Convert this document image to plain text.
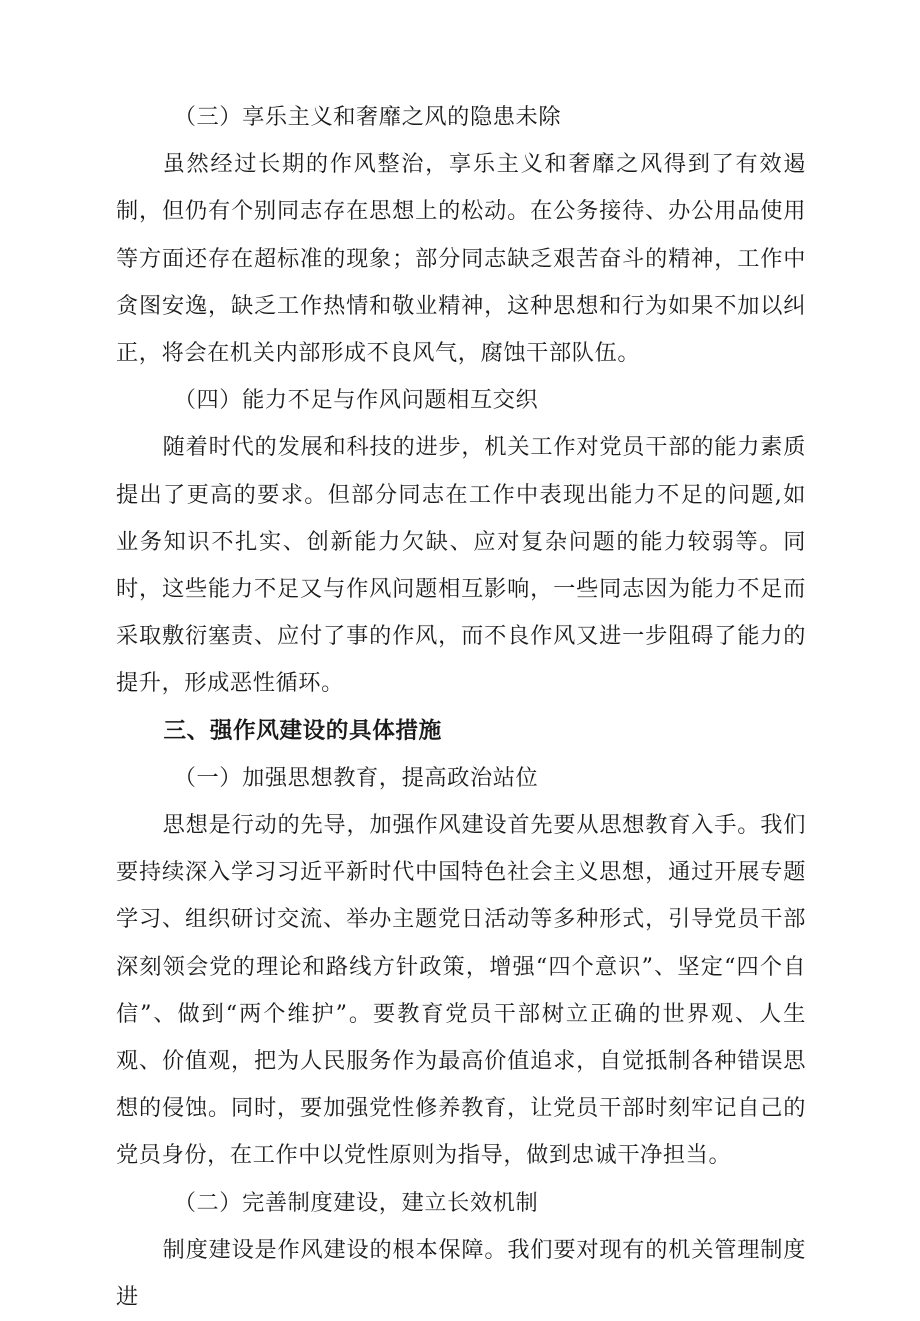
（三）享乐主义和奢靡之风的隐患未除

虽然经过长期的作风整治，享乐主义和奢靡之风得到了有效遏制，但仍有个别同志存在思想上的松动。在公务接待、办公用品使用等方面还存在超标准的现象；部分同志缺乏艰苦奋斗的精神，工作中贪图安逸，缺乏工作热情和敬业精神，这种思想和行为如果不加以纠正，将会在机关内部形成不良风气，腐蚀干部队伍。

（四）能力不足与作风问题相互交织

随着时代的发展和科技的进步，机关工作对党员干部的能力素质提出了更高的要求。但部分同志在工作中表现出能力不足的问题,如业务知识不扎实、创新能力欠缺、应对复杂问题的能力较弱等。同时，这些能力不足又与作风问题相互影响，一些同志因为能力不足而采取敷衍塞责、应付了事的作风，而不良作风又进一步阻碍了能力的提升，形成恶性循环。

三、强作风建设的具体措施

（一）加强思想教育，提高政治站位

思想是行动的先导，加强作风建设首先要从思想教育入手。我们要持续深入学习习近平新时代中国特色社会主义思想，通过开展专题学习、组织研讨交流、举办主题党日活动等多种形式，引导党员干部深刻领会党的理论和路线方针政策，增强“四个意识”、坚定“四个自信”、做到“两个维护”。要教育党员干部树立正确的世界观、人生观、价值观，把为人民服务作为最高价值追求，自觉抵制各种错误思想的侵蚀。同时，要加强党性修养教育，让党员干部时刻牢记自己的党员身份，在工作中以党性原则为指导，做到忠诚干净担当。

（二）完善制度建设，建立长效机制

制度建设是作风建设的根本保障。我们要对现有的机关管理制度进
